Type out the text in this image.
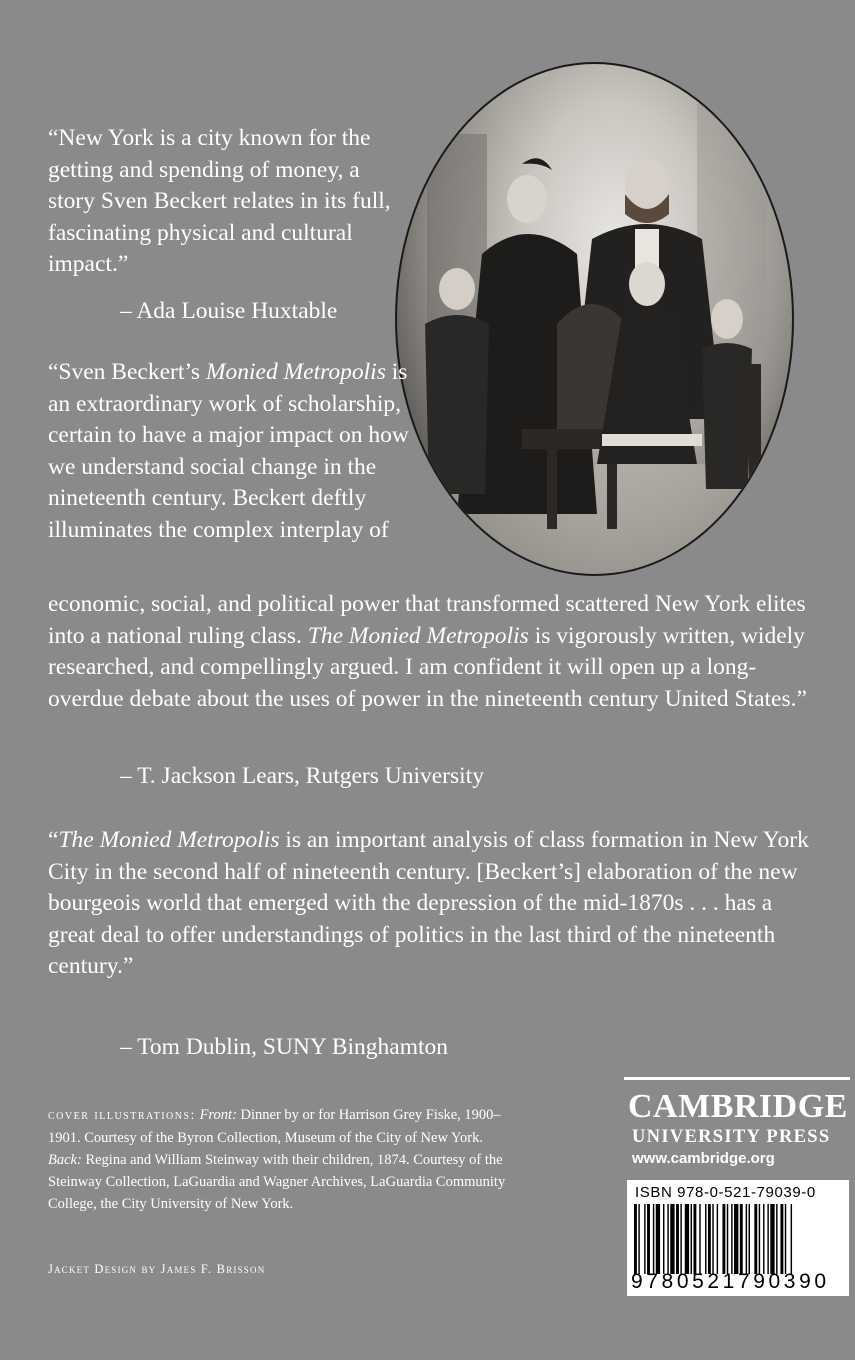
“New York is a city known for the getting and spending of money, a story Sven Beckert relates in its full, fascinating physical and cultural impact.”

– Ada Louise Huxtable

“Sven Beckert’s Monied Metropolis is an extraordinary work of scholarship, certain to have a major impact on how we understand social change in the nineteenth century. Beckert deftly illuminates the complex interplay of

economic, social, and political power that transformed scattered New York elites into a national ruling class. The Monied Metropolis is vigorously written, widely researched, and compellingly argued. I am confident it will open up a long-overdue debate about the uses of power in the nineteenth century United States.”

– T. Jackson Lears, Rutgers University

“The Monied Metropolis is an important analysis of class formation in New York City in the second half of nineteenth century. [Beckert’s] elaboration of the new bourgeois world that emerged with the depression of the mid-1870s . . . has a great deal to offer understandings of politics in the last third of the nineteenth century.”

– Tom Dublin, SUNY Binghamton

cover illustrations: Front: Dinner by or for Harrison Grey Fiske, 1900–1901. Courtesy of the Byron Collection, Museum of the City of New York.
Back: Regina and William Steinway with their children, 1874. Courtesy of the Steinway Collection, LaGuardia and Wagner Archives, LaGuardia Community College, the City University of New York.

Jacket Design by James F. Brisson

CAMBRIDGE

UNIVERSITY PRESS

www.cambridge.org

ISBN 978-0-521-79039-0
9780521790390
